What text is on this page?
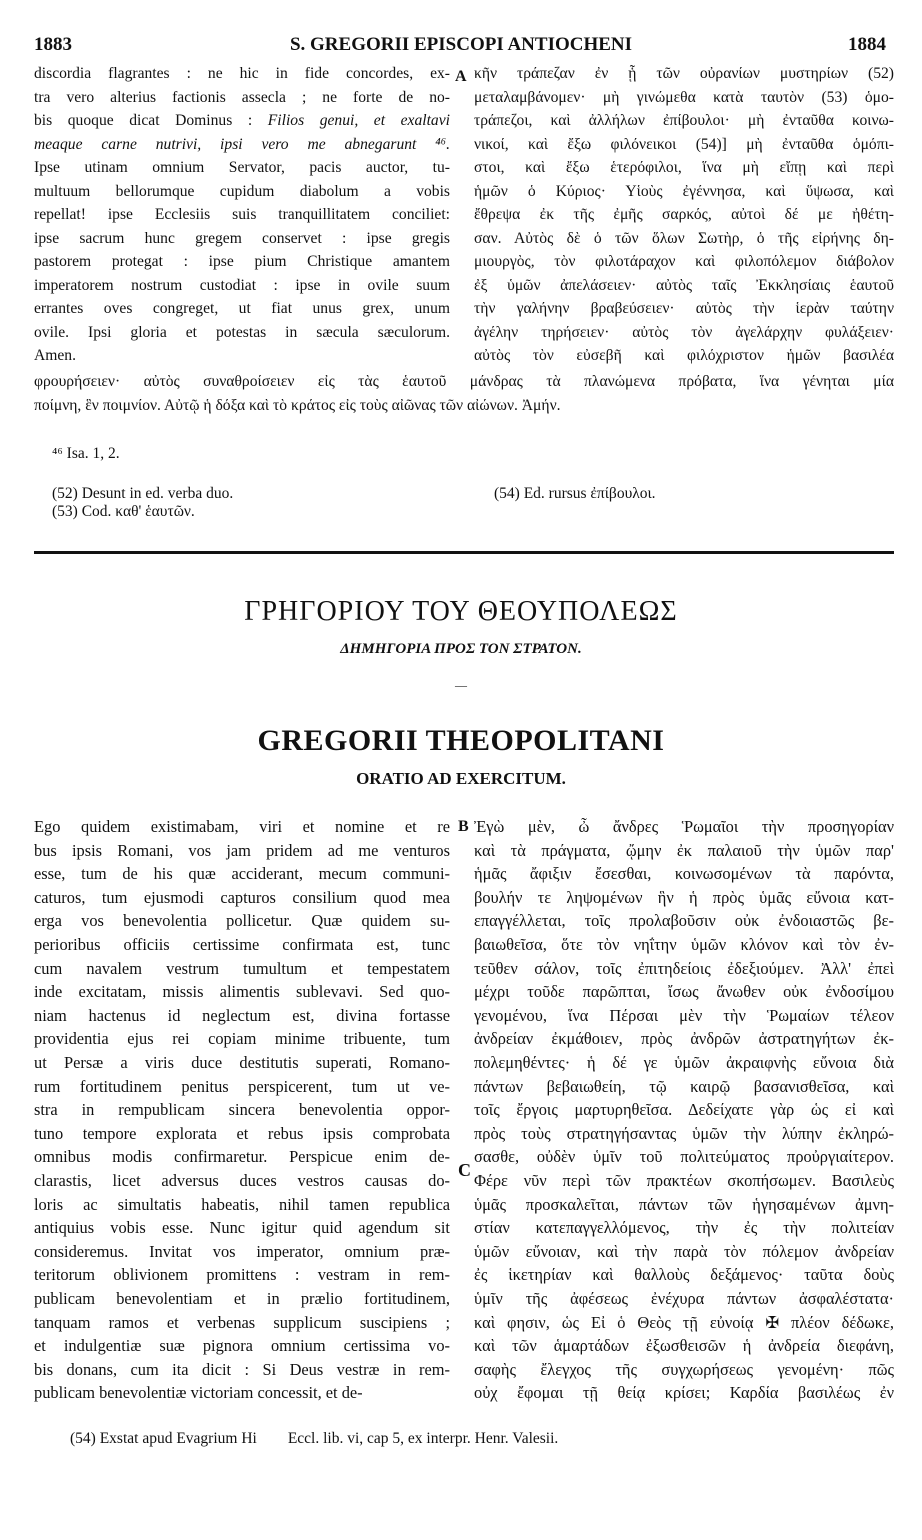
1883	S. GREGORII EPISCOPI ANTIOCHENI	1884
discordia flagrantes : ne hic in fide concordes, ex-
tra vero alterius factionis assecla ; ne forte de no-
bis quoque dicat Dominus : Filios genui, et exaltavi
meaque carne nutrivi, ipsi vero me abnegarunt ⁴⁶.
Ipse utinam omnium Servator, pacis auctor, tu-
multuum bellorumque cupidum diabolum a vobis
repellat! ipse Ecclesiis suis tranquillitatem conciliet:
ipse sacrum hunc gregem conservet : ipse gregis
pastorem protegat : ipse pium Christique amantem
imperatorem nostrum custodiat : ipse in ovile suum
errantes oves congreget, ut fiat unus grex, unum
ovile. Ipsi gloria et potestas in sæcula sæculorum.
Amen.
A κῆν τράπεζαν ἐν ᾗ τῶν οὐρανίων μυστηρίων (52)
μεταλαμβάνομεν· μὴ γινώμεθα κατὰ ταυτὸν (53) ὁμο-
τράπεζοι, καὶ ἀλλήλων ἐπίβουλοι· μὴ ἐνταῦθα κοινω-
νικοί, καὶ ἔξω φιλόνεικοι (54)] μὴ ἐνταῦθα ὁμόπι-
στοι, καὶ ἔξω ἑτερόφιλοι, ἵνα μὴ εἴπῃ καὶ περὶ
ἡμῶν ὁ Κύριος· Υἱοὺς ἐγέννησα, καὶ ὕψωσα, καὶ
ἔθρεψα ἐκ τῆς ἐμῆς σαρκός, αὐτοὶ δέ με ἠθέτη-
σαν. Αὐτὸς δὲ ὁ τῶν ὅλων Σωτὴρ, ὁ τῆς εἰρήνης δη-
μιουργὸς, τὸν φιλοτάραχον καὶ φιλοπόλεμον διάβολον
ἐξ ὑμῶν ἀπελάσειεν· αὐτὸς ταῖς Ἐκκλησίαις ἑαυτοῦ
τὴν γαλήνην βραβεύσειεν· αὐτὸς τὴν ἱερὰν ταύτην
ἀγέλην τηρήσειεν· αὐτὸς τὸν ἀγελάρχην φυλάξειεν·
αὐτὸς τὸν εὐσεβῆ καὶ φιλόχριστον ἡμῶν βασιλέα
φρουρήσειεν· αὐτὸς συναθροίσειεν εἰς τὰς ἑαυτοῦ μάνδρας τὰ πλανώμενα πρόβατα, ἵνα γένηται μία
ποίμνη, ἓν ποιμνίον. Αὐτῷ ἡ δόξα καὶ τὸ κράτος εἰς τοὺς αἰῶνας τῶν αἰώνων. Ἀμήν.
⁴⁶ Isa. 1, 2.
(52) Desunt in ed. verba duo.
(53) Cod. καθ' ἑαυτῶν.
(54) Ed. rursus ἐπίβουλοι.
ΓΡΗΓΟΡΙΟΥ ΤΟΥ ΘΕΟΥΠΟΛΕΩΣ
ΔΗΜΗΓΟΡΙΑ ΠΡΟΣ ΤΟΝ ΣΤΡΑΤΟΝ.
—
GREGORII THEOPOLITANI
ORATIO AD EXERCITUM.
Ego quidem existimabam, viri et nomine et re
bus ipsis Romani, vos jam pridem ad me venturos
esse, tum de his quæ acciderant, mecum communi-
caturos, tum ejusmodi capturos consilium quod mea
erga vos benevolentia pollicetur. Quæ quidem su-
perioribus officiis certissime confirmata est, tunc
cum navalem vestrum tumultum et tempestatem
inde excitatam, missis alimentis sublevavi. Sed quo-
niam hactenus id neglectum est, divina fortasse
providentia ejus rei copiam minime tribuente, tum
ut Persæ a viris duce destitutis superati, Romano-
rum fortitudinem penitus perspicerent, tum ut ve-
stra in rempublicam sincera benevolentia oppor-
tuno tempore explorata et rebus ipsis comprobata
omnibus modis confirmaretur. Perspicue enim de-
clarastis, licet adversus duces vestros causas do-
loris ac simultatis habeatis, nihil tamen republica
antiquius vobis esse. Nunc igitur quid agendum sit
consideremus. Invitat vos imperator, omnium præ-
teritorum oblivionem promittens : vestram in rem-
publicam benevolentiam et in prælio fortitudinem,
tanquam ramos et verbenas supplicum suscipiens ;
et indulgentiæ suæ pignora omnium certissima vo-
bis donans, cum ita dicit : Si Deus vestræ in rem-
publicam benevolentiæ victoriam concessit, et de-
B
C
Ἐγὼ μὲν, ὦ ἄνδρες Ῥωμαῖοι τὴν προσηγορίαν
καὶ τὰ πράγματα, ᾤμην ἐκ παλαιοῦ τὴν ὑμῶν παρ'
ἡμᾶς ἄφιξιν ἔσεσθαι, κοινωσομένων τὰ παρόντα,
βουλήν τε ληψομένων ἣν ἡ πρὸς ὑμᾶς εὔνοια κατ-
επαγγέλλεται, τοῖς προλαβοῦσιν οὐκ ἐνδοιαστῶς βε-
βαιωθεῖσα, ὅτε τὸν νηΐτην ὑμῶν κλόνον καὶ τὸν ἐν-
τεῦθεν σάλον, τοῖς ἐπιτηδείοις ἐδεξιούμεν. Ἀλλ' ἐπεὶ
μέχρι τοῦδε παρῶπται, ἴσως ἄνωθεν οὐκ ἐνδοσίμου
γενομένου, ἵνα Πέρσαι μὲν τὴν Ῥωμαίων τέλεον
ἀνδρείαν ἐκμάθοιεν, πρὸς ἀνδρῶν ἀστρατηγήτων ἐκ-
πολεμηθέντες· ἡ δέ γε ὑμῶν ἀκραιφνὴς εὔνοια διὰ
πάντων βεβαιωθείη, τῷ καιρῷ βασανισθεῖσα, καὶ
τοῖς ἔργοις μαρτυρηθεῖσα. Δεδείχατε γὰρ ὡς εἰ καὶ
πρὸς τοὺς στρατηγήσαντας ὑμῶν τὴν λύπην ἐκληρώ-
σασθε, οὐδὲν ὑμῖν τοῦ πολιτεύματος προὐργιαίτερον.
Φέρε νῦν περὶ τῶν πρακτέων σκοπήσωμεν. Βασιλεὺς
ὑμᾶς προσκαλεῖται, πάντων τῶν ἡγησαμένων ἀμνη-
στίαν κατεπαγγελλόμενος, τὴν ἐς τὴν πολιτείαν
ὑμῶν εὔνοιαν, καὶ τὴν παρὰ τὸν πόλεμον ἀνδρείαν
ἐς ἱκετηρίαν καὶ θαλλοὺς δεξάμενος· ταῦτα δοὺς
ὑμῖν τῆς ἀφέσεως ἐνέχυρα πάντων ἀσφαλέστατα·
καὶ φησιν, ὡς Εἰ ὁ Θεὸς τῇ εὐνοίᾳ ✠ πλέον δέδωκε,
καὶ τῶν ἁμαρτάδων ἐξωσθεισῶν ἡ ἀνδρεία διεφάνη,
σαφὴς ἔλεγχος τῆς συγχωρήσεως γενομένη· πῶς
οὐχ ἔφομαι τῇ θείᾳ κρίσει; Καρδία βασιλέως ἐν
(54) Exstat apud Evagrium Hi        Eccl. lib. vi, cap 5, ex interpr. Henr. Valesii.
